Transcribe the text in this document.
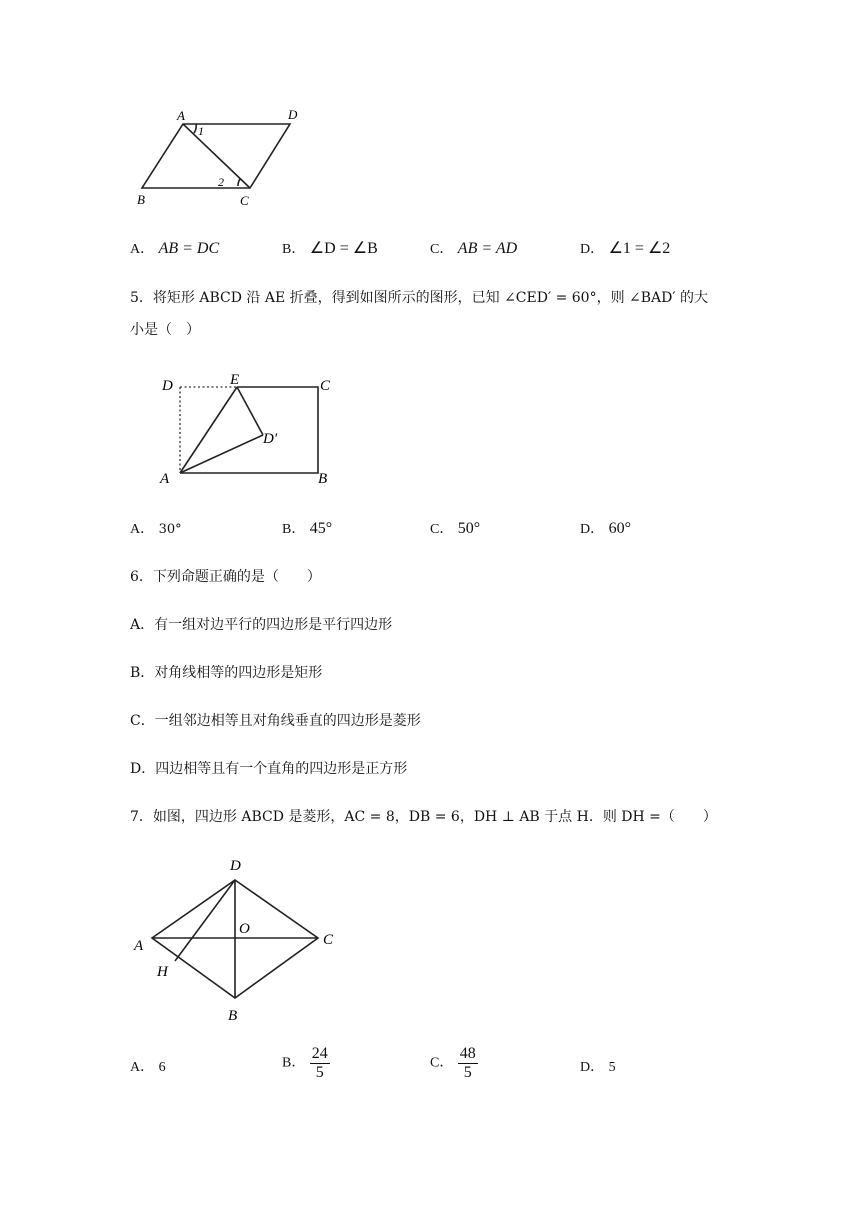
A	D
B	C
1
2
A． AB = DC	B． ∠D = ∠B	C． AB = AD	D． ∠1 = ∠2
5．将矩形 ABCD 沿 AE 折叠，得到如图所示的图形，已知 ∠CED′ = 60°，则 ∠BAD′ 的大
小是（　）
D	E	C
D′
A	B
A． 30°	B． 45°	C． 50°	D． 60°
6．下列命题正确的是（　　）
A．有一组对边平行的四边形是平行四边形
B．对角线相等的四边形是矩形
C．一组邻边相等且对角线垂直的四边形是菱形
D．四边相等且有一个直角的四边形是正方形
7．如图，四边形 ABCD 是菱形，AC = 8，DB = 6，DH ⊥ AB 于点 H．则 DH =（　　）
D
A
O
C
H
B
A． 6	B． $\frac{24}{5}$	C． $\frac{48}{5}$	D． 5
